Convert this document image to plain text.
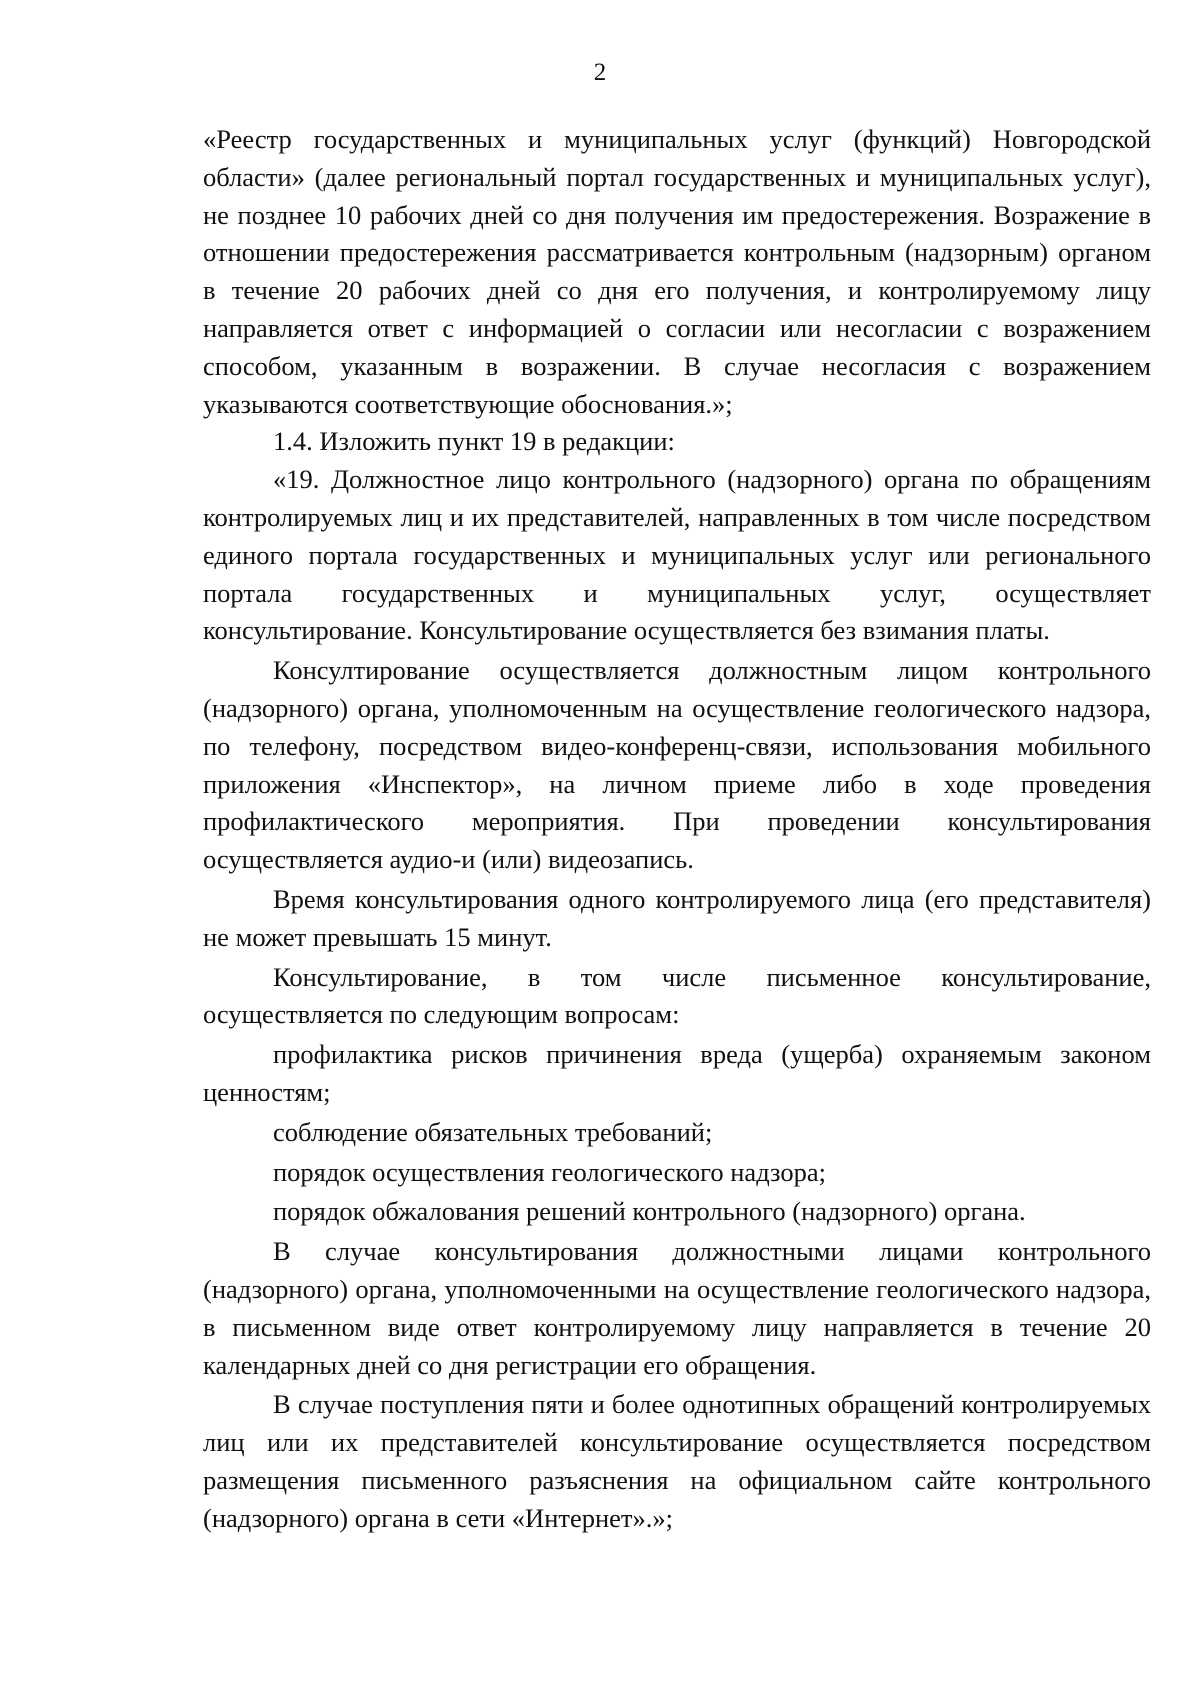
2

«Реестр государственных и муниципальных услуг (функций) Новгородской области» (далее региональный портал государственных и муниципальных услуг), не позднее 10 рабочих дней со дня получения им предостережения. Возражение в отношении предостережения рассматривается контрольным (надзорным) органом в течение 20 рабочих дней со дня его получения, и контролируемому лицу направляется ответ с информацией о согласии или несогласии с возражением способом, указанным в возражении. В случае несогласия с возражением указываются соответствующие обоснования.»;

1.4. Изложить пункт 19 в редакции:

«19. Должностное лицо контрольного (надзорного) органа по обращениям контролируемых лиц и их представителей, направленных в том числе посредством единого портала государственных и муниципальных услуг или регионального портала государственных и муниципальных услуг, осуществляет консультирование. Консультирование осуществляется без взимания платы.

Консултирование осуществляется должностным лицом контрольного (надзорного) органа, уполномоченным на осуществление геологического надзора, по телефону, посредством видео-конференц-связи, использования мобильного приложения «Инспектор», на личном приеме либо в ходе проведения профилактического мероприятия. При проведении консультирования осуществляется аудио-и (или) видеозапись.

Время консультирования одного контролируемого лица (его представителя) не может превышать 15 минут.

Консультирование, в том числе письменное консультирование, осуществляется по следующим вопросам:

профилактика рисков причинения вреда (ущерба) охраняемым законом ценностям;

соблюдение обязательных требований;

порядок осуществления геологического надзора;

порядок обжалования решений контрольного (надзорного) органа.

В случае консультирования должностными лицами контрольного (надзорного) органа, уполномоченными на осуществление геологического надзора, в письменном виде ответ контролируемому лицу направляется в течение 20 календарных дней со дня регистрации его обращения.

В случае поступления пяти и более однотипных обращений контролируемых лиц или их представителей консультирование осуществляется посредством размещения письменного разъяснения на официальном сайте контрольного (надзорного) органа в сети «Интернет».»;
